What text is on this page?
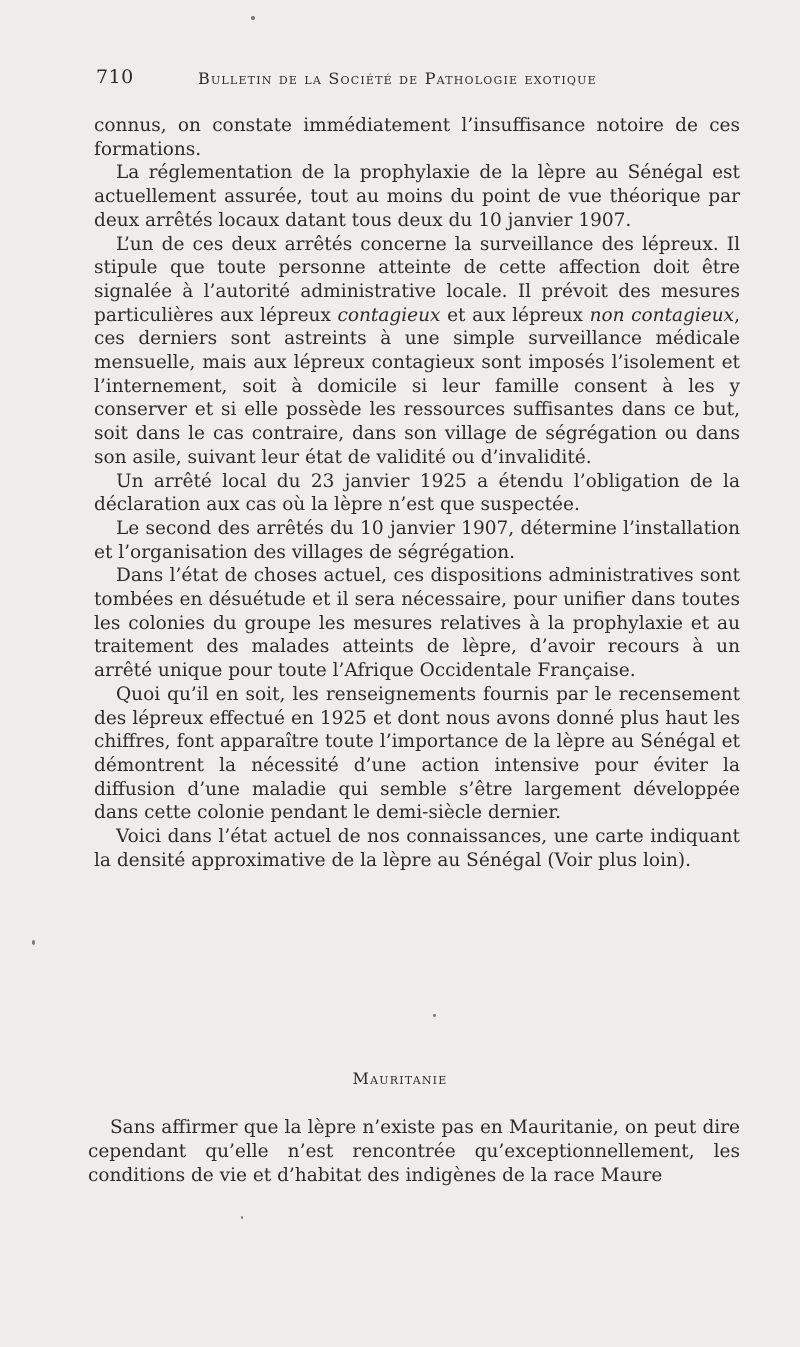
710	Bulletin de la Société de Pathologie exotique

connus, on constate immédiatement l’insuffisance notoire de ces formations.

La réglementation de la prophylaxie de la lèpre au Sénégal est actuellement assurée, tout au moins du point de vue théorique par deux arrêtés locaux datant tous deux du 10 janvier 1907.

L’un de ces deux arrêtés concerne la surveillance des lépreux. Il stipule que toute personne atteinte de cette affection doit être signalée à l’autorité administrative locale. Il prévoit des mesures particulières aux lépreux contagieux et aux lépreux non contagieux, ces derniers sont astreints à une simple surveillance médicale mensuelle, mais aux lépreux contagieux sont imposés l’isolement et l’internement, soit à domicile si leur famille consent à les y conserver et si elle possède les ressources suffisantes dans ce but, soit dans le cas contraire, dans son village de ségrégation ou dans son asile, suivant leur état de validité ou d’invalidité.

Un arrêté local du 23 janvier 1925 a étendu l’obligation de la déclaration aux cas où la lèpre n’est que suspectée.

Le second des arrêtés du 10 janvier 1907, détermine l’installation et l’organisation des villages de ségrégation.

Dans l’état de choses actuel, ces dispositions administratives sont tombées en désuétude et il sera nécessaire, pour unifier dans toutes les colonies du groupe les mesures relatives à la prophylaxie et au traitement des malades atteints de lèpre, d’avoir recours à un arrêté unique pour toute l’Afrique Occidentale Française.

Quoi qu’il en soit, les renseignements fournis par le recensement des lépreux effectué en 1925 et dont nous avons donné plus haut les chiffres, font apparaître toute l’importance de la lèpre au Sénégal et démontrent la nécessité d’une action intensive pour éviter la diffusion d’une maladie qui semble s’être largement développée dans cette colonie pendant le demi-siècle dernier.

Voici dans l’état actuel de nos connaissances, une carte indiquant la densité approximative de la lèpre au Sénégal (Voir plus loin).

Mauritanie

Sans affirmer que la lèpre n’existe pas en Mauritanie, on peut dire cependant qu’elle n’est rencontrée qu’exceptionnellement, les conditions de vie et d’habitat des indigènes de la race Maure
